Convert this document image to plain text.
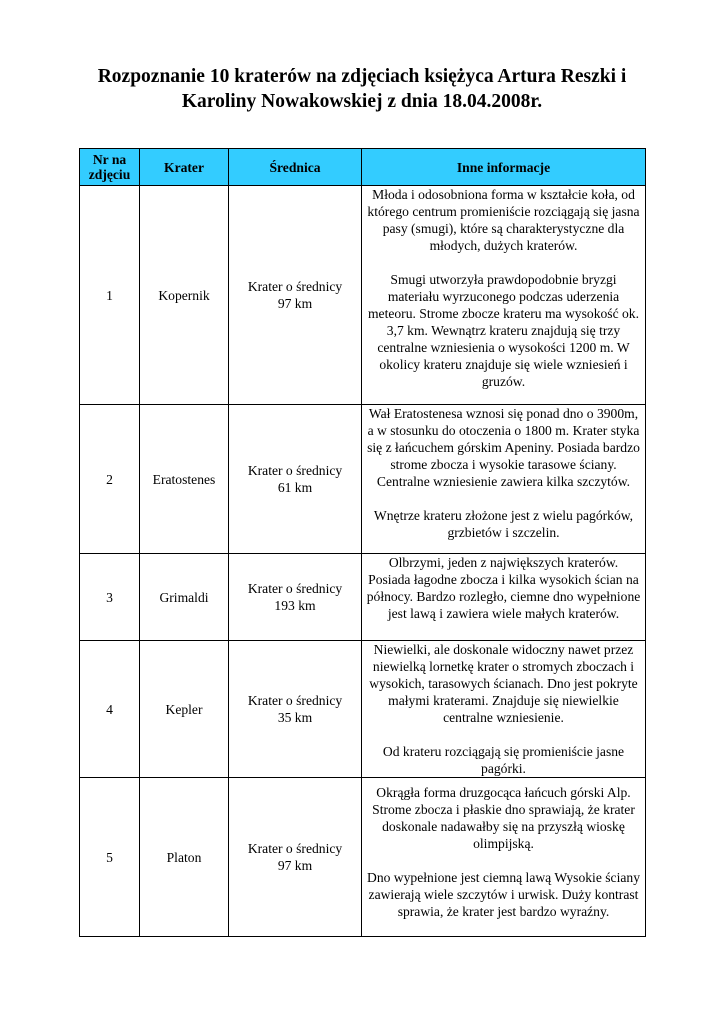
Rozpoznanie 10 kraterów na zdjęciach księżyca Artura Reszki i
Karoliny Nowakowskiej z dnia 18.04.2008r.
Nr na
zdjęciu	Krater	Średnica	Inne informacje
1	Kopernik	Krater o średnicy
97 km	Młoda i odosobniona forma w kształcie koła, od którego centrum promieniście rozciągają się jasna pasy (smugi), które są charakterystyczne dla młodych, dużych kraterów.
Smugi utworzyła prawdopodobnie bryzgi materiału wyrzuconego podczas uderzenia meteoru. Strome zbocze krateru ma wysokość ok. 3,7 km. Wewnątrz krateru znajdują się trzy centralne wzniesienia o wysokości 1200 m. W okolicy krateru znajduje się wiele wzniesień i gruzów.

2	Eratostenes	Krater o średnicy
61 km	Wał Eratostenesa wznosi się ponad dno o 3900m, a w stosunku do otoczenia o 1800 m. Krater styka się z łańcuchem górskim Apeniny. Posiada bardzo strome zbocza i wysokie tarasowe ściany. Centralne wzniesienie zawiera kilka szczytów.
Wnętrze krateru złożone jest z wielu pagórków, grzbietów i szczelin.

3	Grimaldi	Krater o średnicy
193 km	Olbrzymi, jeden z największych kraterów. Posiada łagodne zbocza i kilka wysokich ścian na północy. Bardzo rozległo, ciemne dno wypełnione jest lawą i zawiera wiele małych kraterów.

4	Kepler	Krater o średnicy
35 km	Niewielki, ale doskonale widoczny nawet przez niewielką lornetkę krater o stromych zboczach i wysokich, tarasowych ścianach. Dno jest pokryte małymi kraterami. Znajduje się niewielkie centralne wzniesienie.
Od krateru rozciągają się promieniście jasne pagórki.

5	Platon	Krater o średnicy
97 km	Okrągła forma druzgocąca łańcuch górski Alp. Strome zbocza i płaskie dno sprawiają, że krater doskonale nadawałby się na przyszłą wioskę olimpijską.
Dno wypełnione jest ciemną lawą Wysokie ściany zawierają wiele szczytów i urwisk. Duży kontrast sprawia, że krater jest bardzo wyraźny.
